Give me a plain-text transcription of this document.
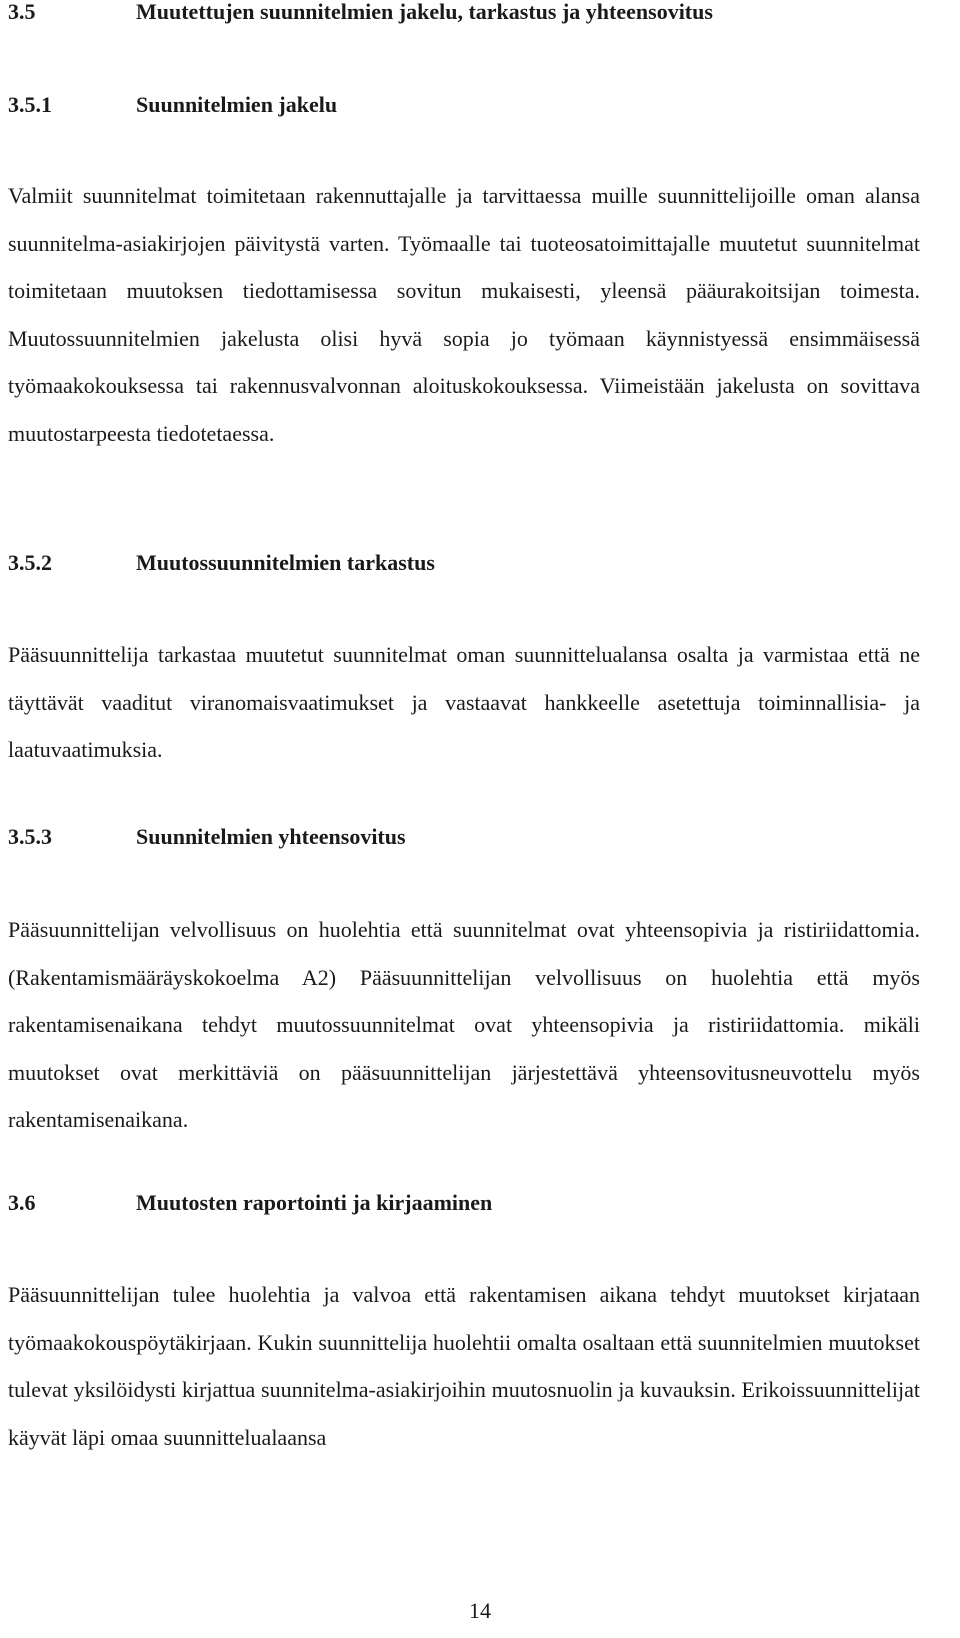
3.5	Muutettujen suunnitelmien jakelu, tarkastus ja yhteensovitus
3.5.1	Suunnitelmien jakelu

Valmiit suunnitelmat toimitetaan rakennuttajalle ja tarvittaessa muille suunnittelijoille oman alansa suunnitelma-asiakirjojen päivitystä varten. Työmaalle tai tuoteosatoimittajalle muutetut suunnitelmat toimitetaan muutoksen tiedottamisessa sovitun mukaisesti, yleensä pääurakoitsijan toimesta. Muutossuunnitelmien jakelusta olisi hyvä sopia jo työmaan käynnistyessä ensimmäisessä työmaakokouksessa tai rakennusvalvonnan aloituskokouksessa. Viimeistään jakelusta on sovittava muutostarpeesta tiedotetaessa.

3.5.2	Muutossuunnitelmien tarkastus

Pääsuunnittelija tarkastaa muutetut suunnitelmat oman suunnittelualansa osalta ja varmistaa että ne täyttävät vaaditut viranomaisvaatimukset ja vastaavat hankkeelle asetettuja toiminnallisia- ja laatuvaatimuksia.

3.5.3	Suunnitelmien yhteensovitus

Pääsuunnittelijan velvollisuus on huolehtia että suunnitelmat ovat yhteensopivia ja ristiriidattomia. (Rakentamismääräyskokoelma A2) Pääsuunnittelijan velvollisuus on huolehtia että myös rakentamisenaikana tehdyt muutossuunnitelmat ovat yhteensopivia ja ristiriidattomia. mikäli muutokset ovat merkittäviä on pääsuunnittelijan järjestettävä yhteensovitusneuvottelu myös rakentamisenaikana.

3.6	Muutosten raportointi ja kirjaaminen

Pääsuunnittelijan tulee huolehtia ja valvoa että rakentamisen aikana tehdyt muutokset kirjataan työmaakokouspöytäkirjaan. Kukin suunnittelija huolehtii omalta osaltaan että suunnitelmien muutokset tulevat yksilöidysti kirjattua suunnitelma-asiakirjoihin muutosnuolin ja kuvauksin. Erikoissuunnittelijat käyvät läpi omaa suunnittelualaansa

14
